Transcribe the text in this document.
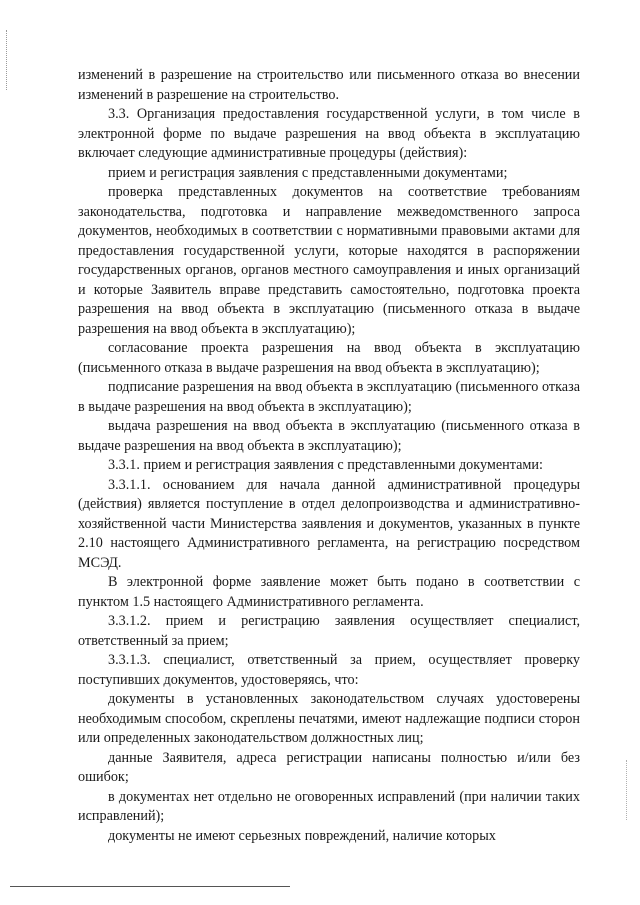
изменений в разрешение на строительство или письменного отказа во внесении изменений в разрешение на строительство.

3.3. Организация предоставления государственной услуги, в том числе в электронной форме по выдаче разрешения на ввод объекта в эксплуатацию включает следующие административные процедуры (действия):

прием и регистрация заявления с представленными документами;

проверка представленных документов на соответствие требованиям законодательства, подготовка и направление межведомственного запроса документов, необходимых в соответствии с нормативными правовыми актами для предоставления государственной услуги, которые находятся в распоряжении государственных органов, органов местного самоуправления и иных организаций и которые Заявитель вправе представить самостоятельно, подготовка проекта разрешения на ввод объекта в эксплуатацию (письменного отказа в выдаче разрешения на ввод объекта в эксплуатацию);

согласование проекта разрешения на ввод объекта в эксплуатацию (письменного отказа в выдаче разрешения на ввод объекта в эксплуатацию);

подписание разрешения на ввод объекта в эксплуатацию (письменного отказа в выдаче разрешения на ввод объекта в эксплуатацию);

выдача разрешения на ввод объекта в эксплуатацию (письменного отказа в выдаче разрешения на ввод объекта в эксплуатацию);

3.3.1. прием и регистрация заявления с представленными документами:

3.3.1.1. основанием для начала данной административной процедуры (действия) является поступление в отдел делопроизводства и административно-хозяйственной части Министерства заявления и документов, указанных в пункте 2.10 настоящего Административного регламента, на регистрацию посредством МСЭД.

В электронной форме заявление может быть подано в соответствии с пунктом 1.5 настоящего Административного регламента.

3.3.1.2. прием и регистрацию заявления осуществляет специалист, ответственный за прием;

3.3.1.3. специалист, ответственный за прием, осуществляет проверку поступивших документов, удостоверяясь, что:

документы в установленных законодательством случаях удостоверены необходимым способом, скреплены печатями, имеют надлежащие подписи сторон или определенных законодательством должностных лиц;

данные Заявителя, адреса регистрации написаны полностью и/или без ошибок;

в документах нет отдельно не оговоренных исправлений (при наличии таких исправлений);

документы не имеют серьезных повреждений, наличие которых
